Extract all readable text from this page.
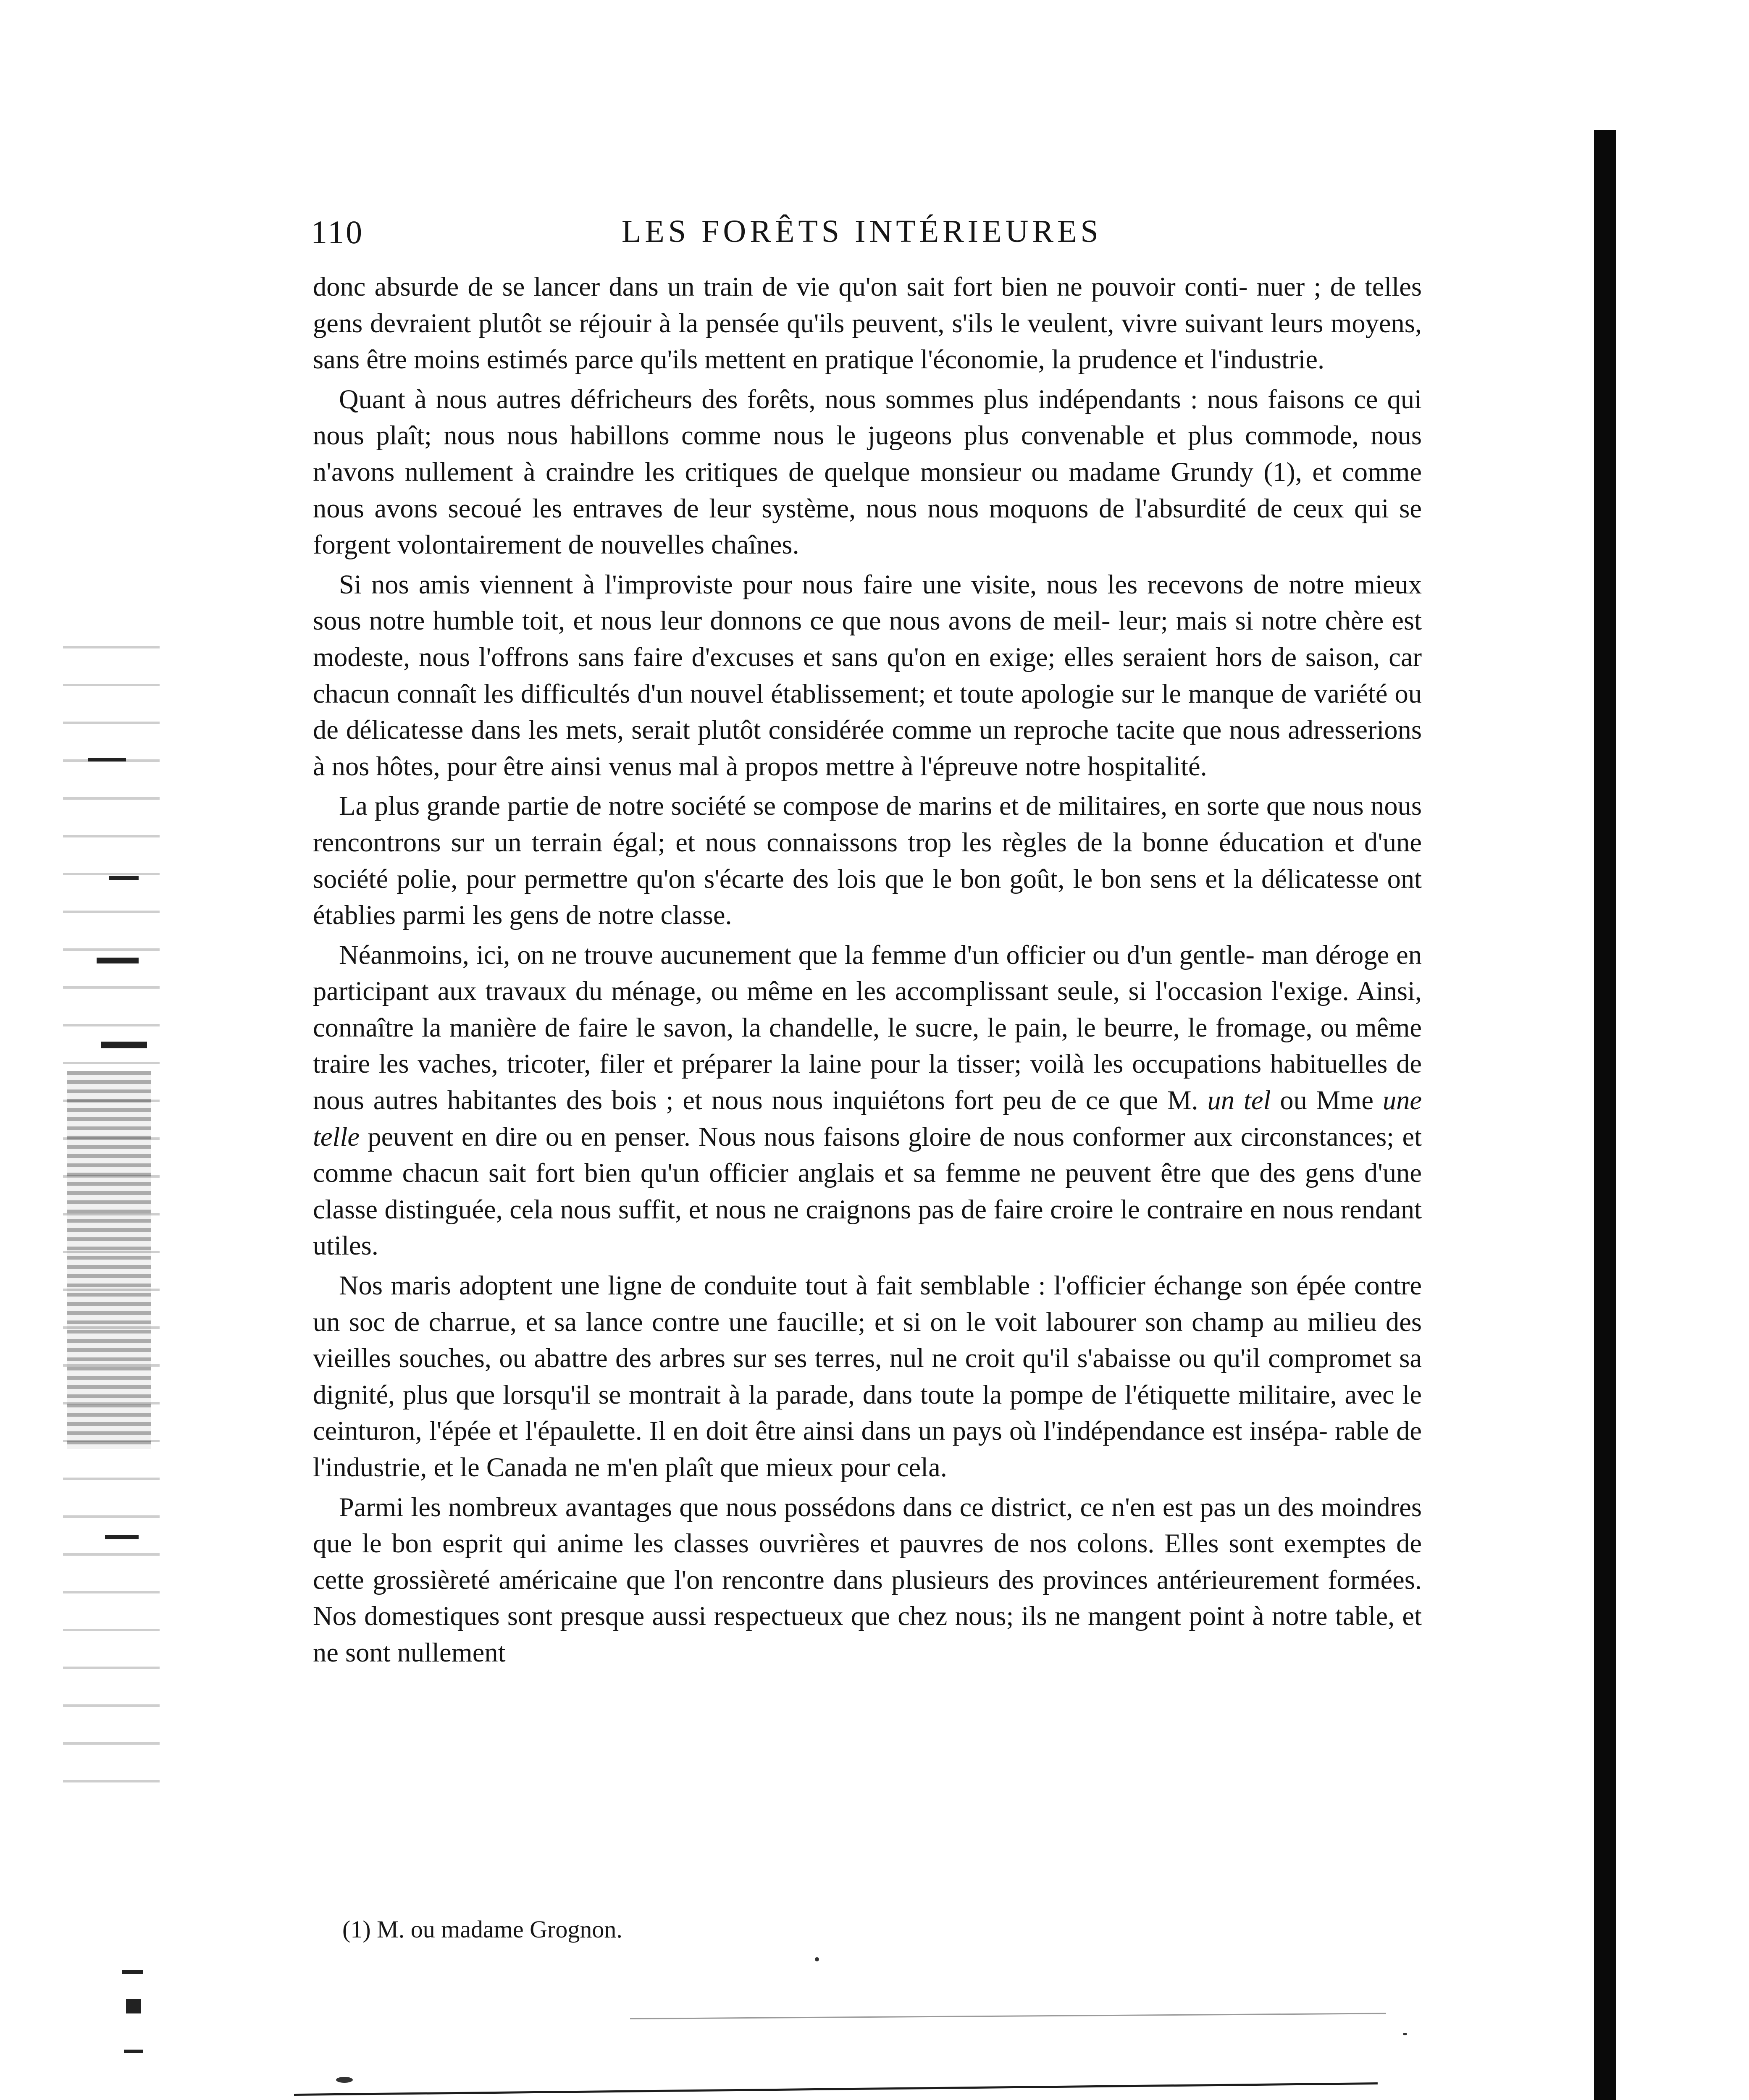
110	LES FORÊTS INTÉRIEURES

donc absurde de se lancer dans un train de vie qu'on sait fort bien ne pouvoir conti- nuer ; de telles gens devraient plutôt se réjouir à la pensée qu'ils peuvent, s'ils le veulent, vivre suivant leurs moyens, sans être moins estimés parce qu'ils mettent en pratique l'économie, la prudence et l'industrie.

Quant à nous autres défricheurs des forêts, nous sommes plus indépendants : nous faisons ce qui nous plaît; nous nous habillons comme nous le jugeons plus convenable et plus commode, nous n'avons nullement à craindre les critiques de quelque monsieur ou madame Grundy (1), et comme nous avons secoué les entraves de leur système, nous nous moquons de l'absurdité de ceux qui se forgent volontairement de nouvelles chaînes.

Si nos amis viennent à l'improviste pour nous faire une visite, nous les recevons de notre mieux sous notre humble toit, et nous leur donnons ce que nous avons de meil- leur; mais si notre chère est modeste, nous l'offrons sans faire d'excuses et sans qu'on en exige; elles seraient hors de saison, car chacun connaît les difficultés d'un nouvel établissement; et toute apologie sur le manque de variété ou de délicatesse dans les mets, serait plutôt considérée comme un reproche tacite que nous adresserions à nos hôtes, pour être ainsi venus mal à propos mettre à l'épreuve notre hospitalité.

La plus grande partie de notre société se compose de marins et de militaires, en sorte que nous nous rencontrons sur un terrain égal; et nous connaissons trop les règles de la bonne éducation et d'une société polie, pour permettre qu'on s'écarte des lois que le bon goût, le bon sens et la délicatesse ont établies parmi les gens de notre classe.

Néanmoins, ici, on ne trouve aucunement que la femme d'un officier ou d'un gentle- man déroge en participant aux travaux du ménage, ou même en les accomplissant seule, si l'occasion l'exige. Ainsi, connaître la manière de faire le savon, la chandelle, le sucre, le pain, le beurre, le fromage, ou même traire les vaches, tricoter, filer et préparer la laine pour la tisser; voilà les occupations habituelles de nous autres habitantes des bois ; et nous nous inquiétons fort peu de ce que M. un tel ou Mme une telle peuvent en dire ou en penser. Nous nous faisons gloire de nous conformer aux circonstances; et comme chacun sait fort bien qu'un officier anglais et sa femme ne peuvent être que des gens d'une classe distinguée, cela nous suffit, et nous ne craignons pas de faire croire le contraire en nous rendant utiles.

Nos maris adoptent une ligne de conduite tout à fait semblable : l'officier échange son épée contre un soc de charrue, et sa lance contre une faucille; et si on le voit labourer son champ au milieu des vieilles souches, ou abattre des arbres sur ses terres, nul ne croit qu'il s'abaisse ou qu'il compromet sa dignité, plus que lorsqu'il se montrait à la parade, dans toute la pompe de l'étiquette militaire, avec le ceinturon, l'épée et l'épaulette. Il en doit être ainsi dans un pays où l'indépendance est insépa- rable de l'industrie, et le Canada ne m'en plaît que mieux pour cela.

Parmi les nombreux avantages que nous possédons dans ce district, ce n'en est pas un des moindres que le bon esprit qui anime les classes ouvrières et pauvres de nos colons. Elles sont exemptes de cette grossièreté américaine que l'on rencontre dans plusieurs des provinces antérieurement formées. Nos domestiques sont presque aussi respectueux que chez nous; ils ne mangent point à notre table, et ne sont nullement

(1) M. ou madame Grognon.
